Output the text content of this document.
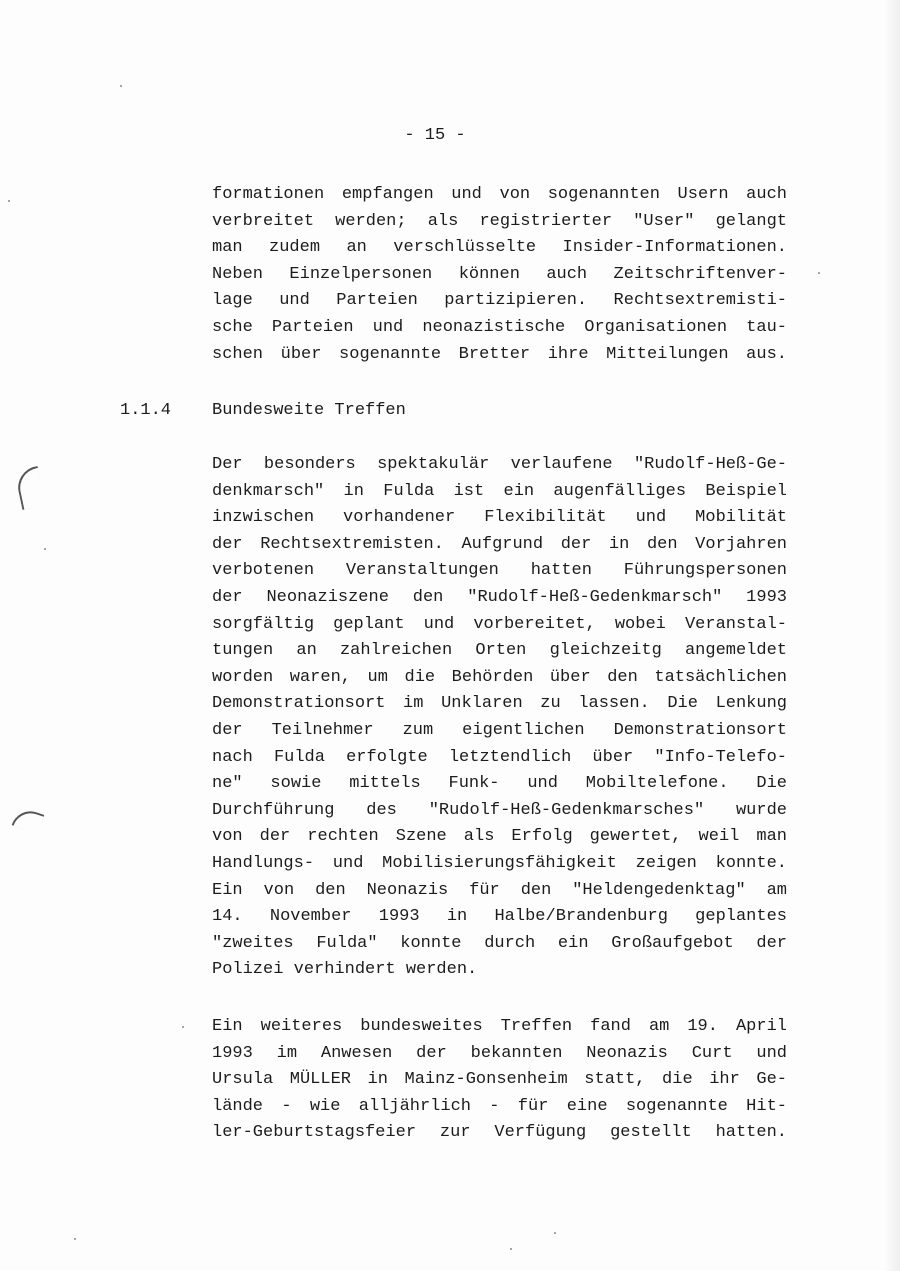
- 15 -
formationen empfangen und von sogenannten Usern auch
verbreitet werden; als registrierter "User" gelangt
man zudem an verschlüsselte Insider-Informationen.
Neben Einzelpersonen können auch Zeitschriftenver-
lage und Parteien partizipieren. Rechtsextremisti-
sche Parteien und neonazistische Organisationen tau-
schen über sogenannte Bretter ihre Mitteilungen aus.
1.1.4 Bundesweite Treffen
Der besonders spektakulär verlaufene "Rudolf-Heß-Ge-
denkmarsch" in Fulda ist ein augenfälliges Beispiel
inzwischen vorhandener Flexibilität und Mobilität
der Rechtsextremisten. Aufgrund der in den Vorjahren
verbotenen Veranstaltungen hatten Führungspersonen
der Neonaziszene den "Rudolf-Heß-Gedenkmarsch" 1993
sorgfältig geplant und vorbereitet, wobei Veranstal-
tungen an zahlreichen Orten gleichzeitg angemeldet
worden waren, um die Behörden über den tatsächlichen
Demonstrationsort im Unklaren zu lassen. Die Lenkung
der Teilnehmer zum eigentlichen Demonstrationsort
nach Fulda erfolgte letztendlich über "Info-Telefo-
ne" sowie mittels Funk- und Mobiltelefone. Die
Durchführung des "Rudolf-Heß-Gedenkmarsches" wurde
von der rechten Szene als Erfolg gewertet, weil man
Handlungs- und Mobilisierungsfähigkeit zeigen konnte.
Ein von den Neonazis für den "Heldengedenktag" am
14. November 1993 in Halbe/Brandenburg geplantes
"zweites Fulda" konnte durch ein Großaufgebot der
Polizei verhindert werden.
Ein weiteres bundesweites Treffen fand am 19. April
1993 im Anwesen der bekannten Neonazis Curt und
Ursula MÜLLER in Mainz-Gonsenheim statt, die ihr Ge-
lände - wie alljährlich - für eine sogenannte Hit-
ler-Geburtstagsfeier zur Verfügung gestellt hatten.
